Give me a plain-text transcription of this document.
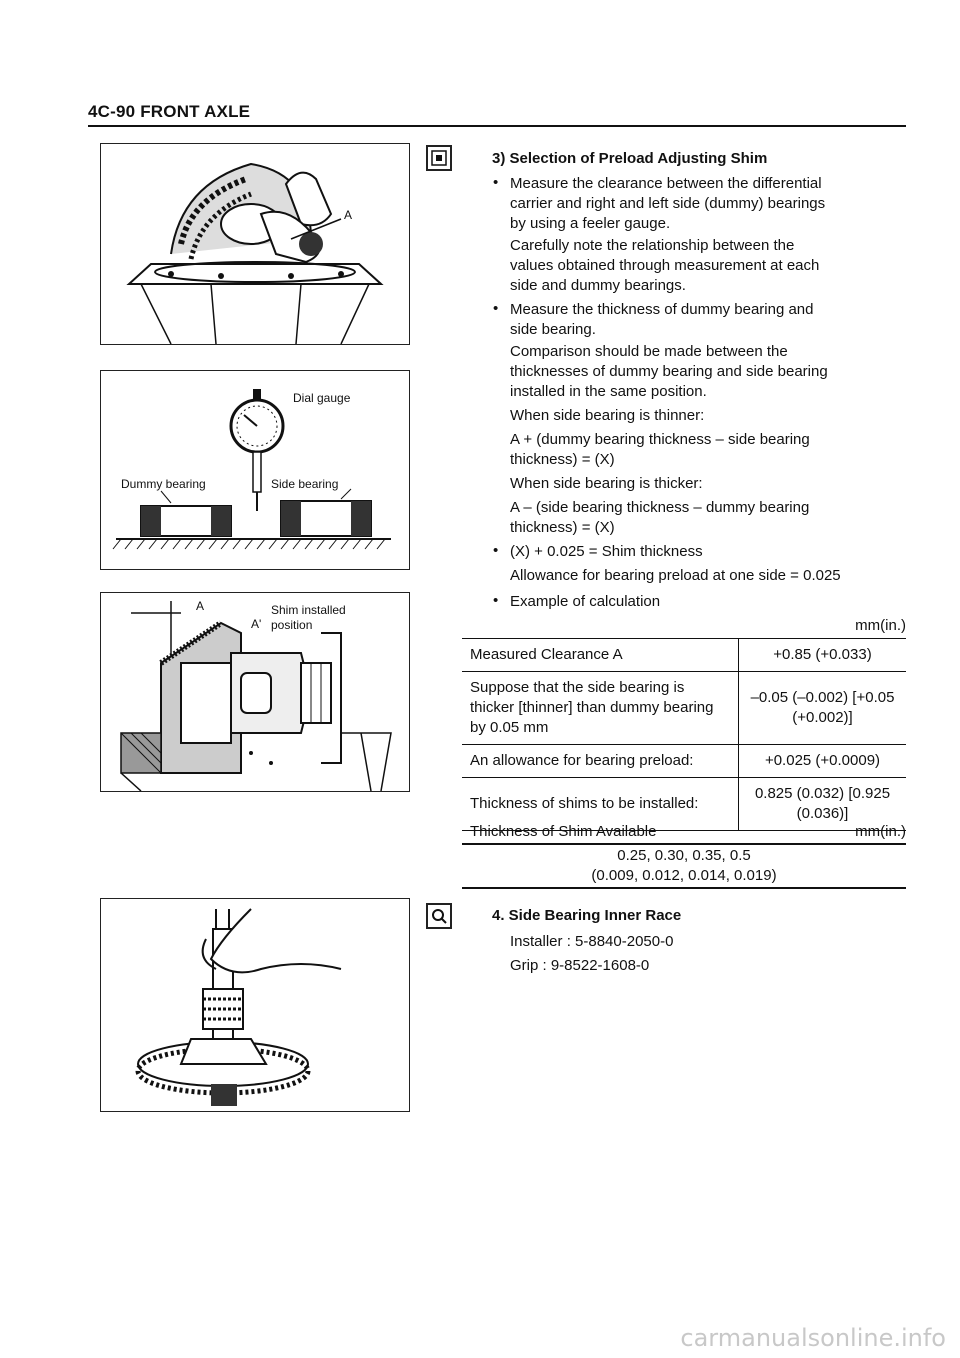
4C-90 FRONT AXLE
A
Dial gauge
Dummy bearing	Side bearing
A
A'
Shim installed
position
3) Selection of Preload Adjusting Shim
• Measure the clearance between the differential
carrier and right and left side (dummy) bearings
by using a feeler gauge.
Carefully note the relationship between the
values obtained through measurement at each
side and dummy bearings.
• Measure the thickness of dummy bearing and
side bearing.
Comparison should be made between the
thicknesses of dummy bearing and side bearing
installed in the same position.
When side bearing is thinner:
A + (dummy bearing thickness – side bearing
thickness) = (X)
When side bearing is thicker:
A – (side bearing thickness – dummy bearing
thickness) = (X)
• (X) + 0.025 = Shim thickness
Allowance for bearing preload at one side = 0.025
• Example of calculation
mm(in.)
Measured Clearance A	+0.85 (+0.033)
Suppose that the side bearing is thicker [thinner] than dummy bearing by 0.05 mm	–0.05 (–0.002) [+0.05 (+0.002)]
An allowance for bearing preload:	+0.025 (+0.0009)
Thickness of shims to be installed:	0.825 (0.032) [0.925 (0.036)]
Thickness of Shim Available	mm(in.)
0.25, 0.30, 0.35, 0.5
(0.009, 0.012, 0.014, 0.019)
4. Side Bearing Inner Race
Installer : 5-8840-2050-0
Grip : 9-8522-1608-0
carmanualsonline.info
